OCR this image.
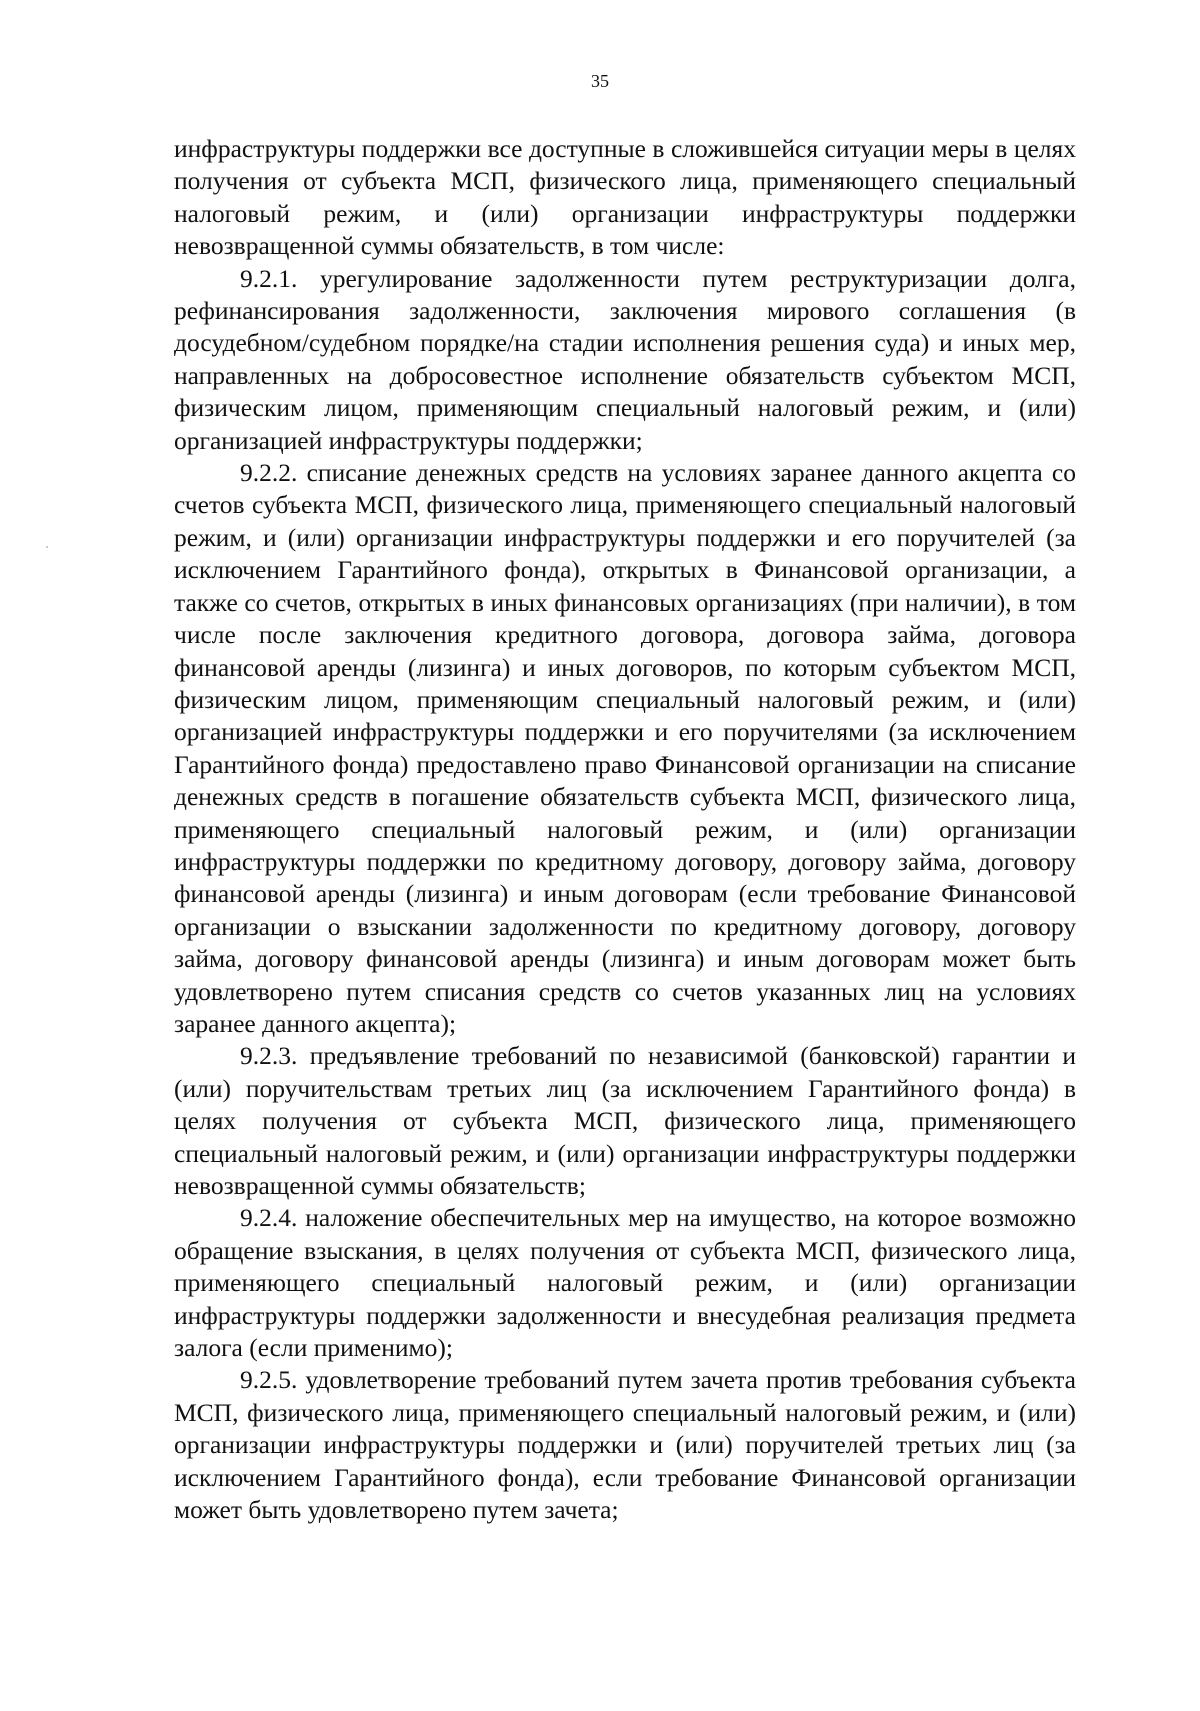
35

инфраструктуры поддержки все доступные в сложившейся ситуации меры в целях получения от субъекта МСП, физического лица, применяющего специальный налоговый режим, и (или) организации инфраструктуры поддержки невозвращенной суммы обязательств, в том числе:

9.2.1. урегулирование задолженности путем реструктуризации долга, рефинансирования задолженности, заключения мирового соглашения (в досудебном/судебном порядке/на стадии исполнения решения суда) и иных мер, направленных на добросовестное исполнение обязательств субъектом МСП, физическим лицом, применяющим специальный налоговый режим, и (или) организацией инфраструктуры поддержки;

9.2.2. списание денежных средств на условиях заранее данного акцепта со счетов субъекта МСП, физического лица, применяющего специальный налоговый режим, и (или) организации инфраструктуры поддержки и его поручителей (за исключением Гарантийного фонда), открытых в Финансовой организации, а также со счетов, открытых в иных финансовых организациях (при наличии), в том числе после заключения кредитного договора, договора займа, договора финансовой аренды (лизинга) и иных договоров, по которым субъектом МСП, физическим лицом, применяющим специальный налоговый режим, и (или) организацией инфраструктуры поддержки и его поручителями (за исключением Гарантийного фонда) предоставлено право Финансовой организации на списание денежных средств в погашение обязательств субъекта МСП, физического лица, применяющего специальный налоговый режим, и (или) организации инфраструктуры поддержки по кредитному договору, договору займа, договору финансовой аренды (лизинга) и иным договорам (если требование Финансовой организации о взыскании задолженности по кредитному договору, договору займа, договору финансовой аренды (лизинга) и иным договорам может быть удовлетворено путем списания средств со счетов указанных лиц на условиях заранее данного акцепта);

9.2.3. предъявление требований по независимой (банковской) гарантии и (или) поручительствам третьих лиц (за исключением Гарантийного фонда) в целях получения от субъекта МСП, физического лица, применяющего специальный налоговый режим, и (или) организации инфраструктуры поддержки невозвращенной суммы обязательств;

9.2.4. наложение обеспечительных мер на имущество, на которое возможно обращение взыскания, в целях получения от субъекта МСП, физического лица, применяющего специальный налоговый режим, и (или) организации инфраструктуры поддержки задолженности и внесудебная реализация предмета залога (если применимо);

9.2.5. удовлетворение требований путем зачета против требования субъекта МСП, физического лица, применяющего специальный налоговый режим, и (или) организации инфраструктуры поддержки и (или) поручителей третьих лиц (за исключением Гарантийного фонда), если требование Финансовой организации может быть удовлетворено путем зачета;
